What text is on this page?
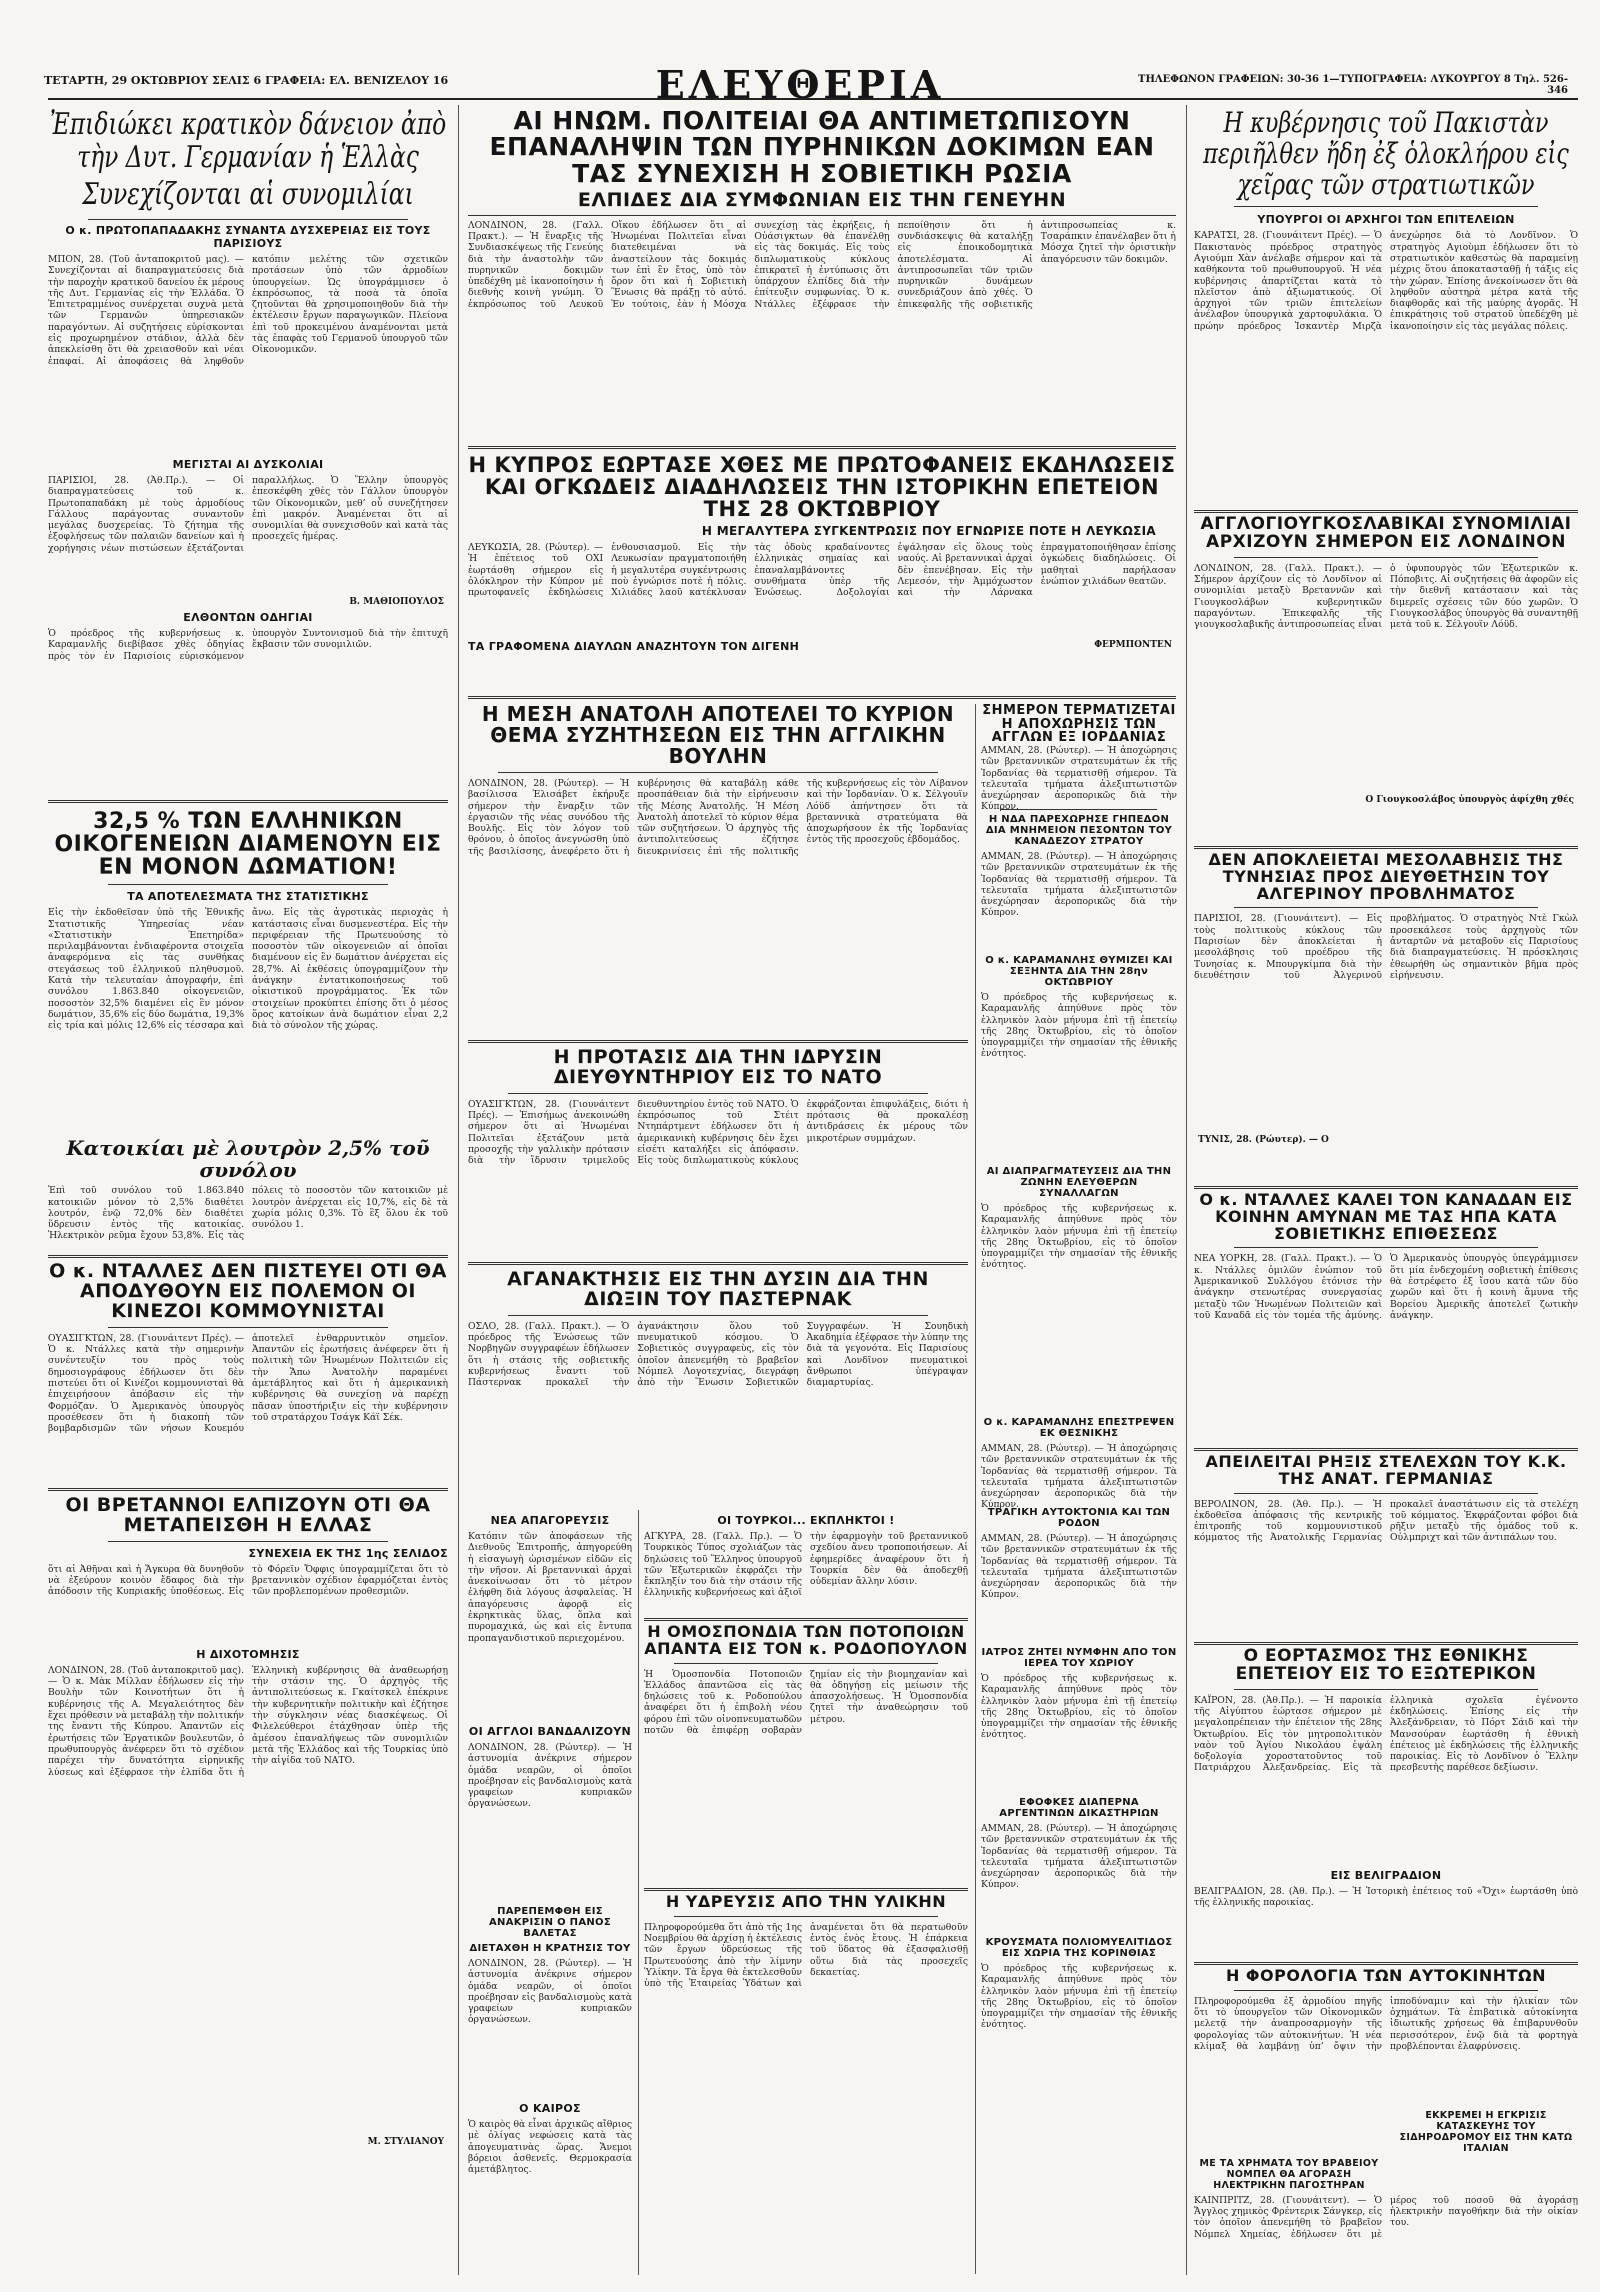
ΤΕΤΑΡΤΗ, 29 ΟΚΤΩΒΡΙΟΥ ΣΕΛΙΣ 6 ΓΡΑΦΕΙΑ: ΕΛ. ΒΕΝΙΖΕΛΟΥ 16	ΕΛΕΥΘΕΡΙΑ	ΤΗΛΕΦΩΝΟΝ ΓΡΑΦΕΙΩΝ: 30-36 1—ΤΥΠΟΓΡΑΦΕΙΑ: ΛΥΚΟΥΡΓΟΥ 8 Τηλ. 526-346

Ἐπιδιώκει κρατικὸν δάνειον ἀπὸ τὴν Δυτ. Γερμανίαν ἡ Ἑλλὰς

Συνεχίζονται αἱ συνομιλίαι

Ο κ. ΠΡΩΤΟΠΑΠΑΔΑΚΗΣ ΣΥΝΑΝΤΑ ΔΥΣΧΕΡΕΙΑΣ ΕΙΣ ΤΟΥΣ ΠΑΡΙΣΙΟΥΣ

ΜΠΟΝ, 28. (Τοῦ ἀνταποκριτοῦ μας). — Συνεχίζονται αἱ διαπραγματεύσεις διὰ τὴν παροχὴν κρατικοῦ δανείου ἐκ μέρους τῆς Δυτ. Γερμανίας εἰς τὴν Ἑλλάδα. Ὁ Ἐπιτετραμμένος συνέρχεται συχνὰ μετὰ τῶν Γερμανῶν ὑπηρεσιακῶν παραγόντων. Αἱ συζητήσεις εὑρίσκονται εἰς προχωρημένον στάδιον, ἀλλὰ δὲν ἀπεκλείσθη ὅτι θὰ χρειασθοῦν καὶ νέαι ἐπαφαί. Αἱ ἀποφάσεις θὰ ληφθοῦν κατόπιν μελέτης τῶν σχετικῶν προτάσεων ὑπὸ τῶν ἁρμοδίων ὑπουργείων. Ὡς ὑπογράμμισεν ὁ ἐκπρόσωπος, τὰ ποσὰ τὰ ὁποῖα ζητοῦνται θὰ χρησιμοποιηθοῦν διὰ τὴν ἐκτέλεσιν ἔργων παραγωγικῶν. Πλείονα ἐπὶ τοῦ προκειμένου ἀναμένονται μετὰ τὰς ἐπαφὰς τοῦ Γερμανοῦ ὑπουργοῦ τῶν Οἰκονομικῶν.

ΜΕΓΙΣΤΑΙ ΑΙ ΔΥΣΚΟΛΙΑΙ

ΠΑΡΙΣΙΟΙ, 28. (Ἀθ.Πρ.). — Οἱ διαπραγματεύσεις τοῦ κ. Πρωτοπαπαδάκη μὲ τοὺς ἁρμοδίους Γάλλους παράγοντας συναντοῦν μεγάλας δυσχερείας. Τὸ ζήτημα τῆς ἐξοφλήσεως τῶν παλαιῶν δανείων καὶ ἡ χορήγησις νέων πιστώσεων ἐξετάζονται παραλλήλως. Ὁ Ἕλλην ὑπουργὸς ἐπεσκέφθη χθὲς τὸν Γάλλον ὑπουργὸν τῶν Οἰκονομικῶν, μεθ’ οὗ συνεζήτησεν ἐπὶ μακρόν. Ἀναμένεται ὅτι αἱ συνομιλίαι θὰ συνεχισθοῦν καὶ κατὰ τὰς προσεχεῖς ἡμέρας.

Β. ΜΑΘΙΟΠΟΥΛΟΣ
ΕΛΘΟΝΤΩΝ ΟΔΗΓΙΑΙ

Ὁ πρόεδρος τῆς κυβερνήσεως κ. Καραμανλῆς διεβίβασε χθὲς ὁδηγίας πρὸς τὸν ἐν Παρισίοις εὑρισκόμενον ὑπουργὸν Συντονισμοῦ διὰ τὴν ἐπιτυχῆ ἔκβασιν τῶν συνομιλιῶν.

32,5 % ΤΩΝ ΕΛΛΗΝΙΚΩΝ ΟΙΚΟΓΕΝΕΙΩΝ ΔΙΑΜΕΝΟΥΝ ΕΙΣ ΕΝ ΜΟΝΟΝ ΔΩΜΑΤΙΟΝ!

ΤΑ ΑΠΟΤΕΛΕΣΜΑΤΑ ΤΗΣ ΣΤΑΤΙΣΤΙΚΗΣ

Εἰς τὴν ἐκδοθεῖσαν ὑπὸ τῆς Ἐθνικῆς Στατιστικῆς Ὑπηρεσίας νέαν «Στατιστικὴν Ἐπετηρίδα» περιλαμβάνονται ἐνδιαφέροντα στοιχεῖα ἀναφερόμενα εἰς τὰς συνθήκας στεγάσεως τοῦ ἑλληνικοῦ πληθυσμοῦ. Κατὰ τὴν τελευταίαν ἀπογραφήν, ἐπὶ συνόλου 1.863.840 οἰκογενειῶν, ποσοστὸν 32,5% διαμένει εἰς ἓν μόνον δωμάτιον, 35,6% εἰς δύο δωμάτια, 19,3% εἰς τρία καὶ μόλις 12,6% εἰς τέσσαρα καὶ ἄνω. Εἰς τὰς ἀγροτικὰς περιοχὰς ἡ κατάστασις εἶναι δυσμενεστέρα. Εἰς τὴν περιφέρειαν τῆς Πρωτευούσης τὸ ποσοστὸν τῶν οἰκογενειῶν αἱ ὁποῖαι διαμένουν εἰς ἓν δωμάτιον ἀνέρχεται εἰς 28,7%. Αἱ ἐκθέσεις ὑπογραμμίζουν τὴν ἀνάγκην ἐντατικοποιήσεως τοῦ οἰκιστικοῦ προγράμματος. Ἐκ τῶν στοιχείων προκύπτει ἐπίσης ὅτι ὁ μέσος ὅρος κατοίκων ἀνὰ δωμάτιον εἶναι 2,2 διὰ τὸ σύνολον τῆς χώρας.

Κατοικίαι μὲ λουτρὸν 2,5% τοῦ συνόλου

Ἐπὶ τοῦ συνόλου τοῦ 1.863.840 κατοικιῶν μόνον τὸ 2,5% διαθέτει λουτρόν, ἐνῷ 72,0% δὲν διαθέτει ὕδρευσιν ἐντὸς τῆς κατοικίας. Ἠλεκτρικὸν ρεῦμα ἔχουν 53,8%. Εἰς τὰς πόλεις τὸ ποσοστὸν τῶν κατοικιῶν μὲ λουτρὸν ἀνέρχεται εἰς 10,7%, εἰς δὲ τὰ χωρία μόλις 0,3%. Τὸ ἓξ ὅλου ἐκ τοῦ συνόλου 1.

Ο κ. ΝΤΑΛΛΕΣ ΔΕΝ ΠΙΣΤΕΥΕΙ ΟΤΙ ΘΑ ΑΠΟΔΥΘΟΥΝ ΕΙΣ ΠΟΛΕΜΟΝ ΟΙ ΚΙΝΕΖΟΙ ΚΟΜΜΟΥΝΙΣΤΑΙ

ΟΥΑΣΙΓΚΤΩΝ, 28. (Γιουνάιτεντ Πρές). — Ὁ κ. Ντάλλες κατὰ τὴν σημερινὴν συνέντευξίν του πρὸς τοὺς δημοσιογράφους ἐδήλωσεν ὅτι δὲν πιστεύει ὅτι οἱ Κινέζοι κομμουνισταὶ θὰ ἐπιχειρήσουν ἀπόβασιν εἰς τὴν Φορμόζαν. Ὁ Ἀμερικανὸς ὑπουργὸς προσέθεσεν ὅτι ἡ διακοπὴ τῶν βομβαρδισμῶν τῶν νήσων Κουεμόυ ἀποτελεῖ ἐνθαρρυντικὸν σημεῖον. Ἀπαντῶν εἰς ἐρωτήσεις ἀνέφερεν ὅτι ἡ πολιτικὴ τῶν Ἡνωμένων Πολιτειῶν εἰς τὴν Ἄπω Ἀνατολὴν παραμένει ἀμετάβλητος καὶ ὅτι ἡ ἀμερικανικὴ κυβέρνησις θὰ συνεχίσῃ νὰ παρέχῃ πᾶσαν ὑποστήριξιν εἰς τὴν κυβέρνησιν τοῦ στρατάρχου Τσάγκ Κάϊ Σέκ.

ΟΙ ΒΡΕΤΑΝΝΟΙ ΕΛΠΙΖΟΥΝ ΟΤΙ ΘΑ ΜΕΤΑΠΕΙΣΘΗ Η ΕΛΛΑΣ

ΣΥΝΕΧΕΙΑ ΕΚ ΤΗΣ 1ης ΣΕΛΙΔΟΣ

ὅτι αἱ Ἀθῆναι καὶ ἡ Ἄγκυρα θὰ δυνηθοῦν νὰ ἐξεύρουν κοινὸν ἔδαφος διὰ τὴν ἀπόδοσιν τῆς Κυπριακῆς ὑποθέσεως. Εἰς τὸ Φόρεϊν Ὄφφις ὑπογραμμίζεται ὅτι τὸ βρεταννικὸν σχέδιον ἐφαρμόζεται ἐντὸς τῶν προβλεπομένων προθεσμιῶν.

Η ΔΙΧΟΤΟΜΗΣΙΣ

ΛΟΝΔΙΝΟΝ, 28. (Τοῦ ἀνταποκριτοῦ μας). — Ὁ κ. Μὰκ Μίλλαν ἐδήλωσεν εἰς τὴν Βουλὴν τῶν Κοινοτήτων ὅτι ἡ κυβέρνησις τῆς Α. Μεγαλειότητος δὲν ἔχει πρόθεσιν νὰ μεταβάλῃ τὴν πολιτικήν της ἔναντι τῆς Κύπρου. Ἀπαντῶν εἰς ἐρωτήσεις τῶν Ἐργατικῶν βουλευτῶν, ὁ πρωθυπουργὸς ἀνέφερεν ὅτι τὸ σχέδιον παρέχει τὴν δυνατότητα εἰρηνικῆς λύσεως καὶ ἐξέφρασε τὴν ἐλπίδα ὅτι ἡ Ἑλληνικὴ κυβέρνησις θὰ ἀναθεωρήσῃ τὴν στάσιν της. Ὁ ἀρχηγὸς τῆς ἀντιπολιτεύσεως κ. Γκαίτσκελ ἐπέκρινε τὴν κυβερνητικὴν πολιτικὴν καὶ ἐζήτησε τὴν σύγκλησιν νέας διασκέψεως. Οἱ Φιλελεύθεροι ἐτάχθησαν ὑπὲρ τῆς ἀμέσου ἐπαναλήψεως τῶν συνομιλιῶν μετὰ τῆς Ἑλλάδος καὶ τῆς Τουρκίας ὑπὸ τὴν αἰγίδα τοῦ ΝΑΤΟ.

Μ. ΣΤΥΛΙΑΝΟΥ

ΑΙ ΗΝΩΜ. ΠΟΛΙΤΕΙΑΙ ΘΑ ΑΝΤΙΜΕΤΩΠΙΣΟΥΝ ΕΠΑΝΑΛΗΨΙΝ ΤΩΝ ΠΥΡΗΝΙΚΩΝ ΔΟΚΙΜΩΝ ΕΑΝ ΤΑΣ ΣΥΝΕΧΙΣΗ Η ΣΟΒΙΕΤΙΚΗ ΡΩΣΙΑ

ΕΛΠΙΔΕΣ ΔΙΑ ΣΥΜΦΩΝΙΑΝ ΕΙΣ ΤΗΝ ΓΕΝΕΥΗΝ

ΛΟΝΔΙΝΟΝ, 28. (Γαλλ. Πρακτ.). — Ἡ ἔναρξις τῆς Συνδιασκέψεως τῆς Γενεύης διὰ τὴν ἀναστολὴν τῶν πυρηνικῶν δοκιμῶν ὑπεδέχθη μὲ ἱκανοποίησιν ἡ διεθνὴς κοινὴ γνώμη. Ὁ ἐκπρόσωπος τοῦ Λευκοῦ Οἴκου ἐδήλωσεν ὅτι αἱ Ἡνωμέναι Πολιτεῖαι εἶναι διατεθειμέναι νὰ ἀναστείλουν τὰς δοκιμάς των ἐπὶ ἓν ἔτος, ὑπὸ τὸν ὅρον ὅτι καὶ ἡ Σοβιετικὴ Ἕνωσις θὰ πράξῃ τὸ αὐτό. Ἐν τούτοις, ἐὰν ἡ Μόσχα συνεχίσῃ τὰς ἐκρήξεις, ἡ Οὐάσιγκτων θὰ ἐπανέλθῃ εἰς τὰς δοκιμάς. Εἰς τοὺς διπλωματικοὺς κύκλους ἐπικρατεῖ ἡ ἐντύπωσις ὅτι ὑπάρχουν ἐλπίδες διὰ τὴν ἐπίτευξιν συμφωνίας. Ὁ κ. Ντάλλες ἐξέφρασε τὴν πεποίθησιν ὅτι ἡ συνδιάσκεψις θὰ καταλήξῃ εἰς ἐποικοδομητικὰ ἀποτελέσματα. Αἱ ἀντιπροσωπεῖαι τῶν τριῶν πυρηνικῶν δυνάμεων συνεδριάζουν ἀπὸ χθές. Ὁ ἐπικεφαλῆς τῆς σοβιετικῆς ἀντιπροσωπείας κ. Τσαράπκιν ἐπανέλαβεν ὅτι ἡ Μόσχα ζητεῖ τὴν ὁριστικὴν ἀπαγόρευσιν τῶν δοκιμῶν.

Η ΚΥΠΡΟΣ ΕΩΡΤΑΣΕ ΧΘΕΣ ΜΕ ΠΡΩΤΟΦΑΝΕΙΣ ΕΚΔΗΛΩΣΕΙΣ ΚΑΙ ΟΓΚΩΔΕΙΣ ΔΙΑΔΗΛΩΣΕΙΣ ΤΗΝ ΙΣΤΟΡΙΚΗΝ ΕΠΕΤΕΙΟΝ ΤΗΣ 28 ΟΚΤΩΒΡΙΟΥ

Η ΜΕΓΑΛΥΤΕΡΑ ΣΥΓΚΕΝΤΡΩΣΙΣ ΠΟΥ ΕΓΝΩΡΙΣΕ ΠΟΤΕ Η ΛΕΥΚΩΣΙΑ

ΛΕΥΚΩΣΙΑ, 28. (Ρώυτερ). — Ἡ ἐπέτειος τοῦ ΟΧΙ ἑωρτάσθη σήμερον εἰς ὁλόκληρον τὴν Κύπρον μὲ πρωτοφανεῖς ἐκδηλώσεις ἐνθουσιασμοῦ. Εἰς τὴν Λευκωσίαν πραγματοποιήθη ἡ μεγαλυτέρα συγκέντρωσις ποὺ ἐγνώρισε ποτὲ ἡ πόλις. Χιλιάδες λαοῦ κατέκλυσαν τὰς ὁδοὺς κραδαίνοντες ἑλληνικὰς σημαίας καὶ ἐπαναλαμβάνοντες συνθήματα ὑπὲρ τῆς Ἑνώσεως. Δοξολογίαι ἐψάλησαν εἰς ὅλους τοὺς ναούς. Αἱ βρεταννικαὶ ἀρχαὶ δὲν ἐπενέβησαν. Εἰς τὴν Λεμεσόν, τὴν Ἀμμόχωστον καὶ τὴν Λάρνακα ἐπραγματοποιήθησαν ἐπίσης ὀγκώδεις διαδηλώσεις. Οἱ μαθηταὶ παρήλασαν ἐνώπιον χιλιάδων θεατῶν.

ΤΑ ΓΡΑΦΟΜΕΝΑ ΔΙΑΥΛΩΝ ΑΝΑΖΗΤΟΥΝ ΤΟΝ ΔΙΓΕΝΗ	ΦΕΡΜΠΟΝΤΕΝ

Η ΜΕΣΗ ΑΝΑΤΟΛΗ ΑΠΟΤΕΛΕΙ ΤΟ ΚΥΡΙΟΝ ΘΕΜΑ ΣΥΖΗΤΗΣΕΩΝ ΕΙΣ ΤΗΝ ΑΓΓΛΙΚΗΝ ΒΟΥΛΗΝ

ΛΟΝΔΙΝΟΝ, 28. (Ρώυτερ). — Ἡ βασίλισσα Ἐλισάβετ ἐκήρυξε σήμερον τὴν ἔναρξιν τῶν ἐργασιῶν τῆς νέας συνόδου τῆς Βουλῆς. Εἰς τὸν λόγον τοῦ θρόνου, ὁ ὁποῖος ἀνεγνώσθη ὑπὸ τῆς βασιλίσσης, ἀνεφέρετο ὅτι ἡ κυβέρνησις θὰ καταβάλῃ κάθε προσπάθειαν διὰ τὴν εἰρήνευσιν τῆς Μέσης Ἀνατολῆς. Ἡ Μέση Ἀνατολὴ ἀποτελεῖ τὸ κύριον θέμα τῶν συζητήσεων. Ὁ ἀρχηγὸς τῆς ἀντιπολιτεύσεως ἐζήτησε διευκρινίσεις ἐπὶ τῆς πολιτικῆς τῆς κυβερνήσεως εἰς τὸν Λίβανον καὶ τὴν Ἰορδανίαν. Ὁ κ. Σέλγουϊν Λόϋδ ἀπήντησεν ὅτι τὰ βρεταννικὰ στρατεύματα θὰ ἀποχωρήσουν ἐκ τῆς Ἰορδανίας ἐντὸς τῆς προσεχοῦς ἑβδομάδος.

ΣΗΜΕΡΟΝ ΤΕΡΜΑΤΙΖΕΤΑΙ Η ΑΠΟΧΩΡΗΣΙΣ ΤΩΝ ΑΓΓΛΩΝ ΕΞ ΙΟΡΔΑΝΙΑΣ

ΑΜΜΑΝ, 28. (Ρώυτερ). — Ἡ ἀποχώρησις τῶν βρεταννικῶν στρατευμάτων ἐκ τῆς Ἰορδανίας θὰ τερματισθῇ σήμερον. Τὰ τελευταῖα τμήματα ἀλεξιπτωτιστῶν ἀνεχώρησαν ἀεροπορικῶς διὰ τὴν Κύπρον.

Η ΝΔΑ ΠΑΡΕΧΩΡΗΣΕ ΓΗΠΕΔΟΝ ΔΙΑ ΜΝΗΜΕΙΟΝ ΠΕΣΟΝΤΩΝ ΤΟΥ ΚΑΝΑΔΕΖΟΥ ΣΤΡΑΤΟΥ

ΑΜΜΑΝ, 28. (Ρώυτερ). — Ἡ ἀποχώρησις τῶν βρεταννικῶν στρατευμάτων ἐκ τῆς Ἰορδανίας θὰ τερματισθῇ σήμερον. Τὰ τελευταῖα τμήματα ἀλεξιπτωτιστῶν ἀνεχώρησαν ἀεροπορικῶς διὰ τὴν Κύπρον.

Ο κ. ΚΑΡΑΜΑΝΛΗΣ ΘΥΜΙΖΕΙ ΚΑΙ ΣΕΞΗΝΤΑ ΔΙΑ ΤΗΝ 28ην ΟΚΤΩΒΡΙΟΥ

Ὁ πρόεδρος τῆς κυβερνήσεως κ. Καραμανλῆς ἀπηύθυνε πρὸς τὸν ἑλληνικὸν λαὸν μήνυμα ἐπὶ τῇ ἐπετείῳ τῆς 28ης Ὀκτωβρίου, εἰς τὸ ὁποῖον ὑπογραμμίζει τὴν σημασίαν τῆς ἐθνικῆς ἑνότητος.

ΑΙ ΔΙΑΠΡΑΓΜΑΤΕΥΣΕΙΣ ΔΙΑ ΤΗΝ ΖΩΝΗΝ ΕΛΕΥΘΕΡΩΝ ΣΥΝΑΛΛΑΓΩΝ

Ὁ πρόεδρος τῆς κυβερνήσεως κ. Καραμανλῆς ἀπηύθυνε πρὸς τὸν ἑλληνικὸν λαὸν μήνυμα ἐπὶ τῇ ἐπετείῳ τῆς 28ης Ὀκτωβρίου, εἰς τὸ ὁποῖον ὑπογραμμίζει τὴν σημασίαν τῆς ἐθνικῆς ἑνότητος.

Ο κ. ΚΑΡΑΜΑΝΛΗΣ ΕΠΕΣΤΡΕΨΕΝ ΕΚ ΘΕΣΝΙΚΗΣ

ΑΜΜΑΝ, 28. (Ρώυτερ). — Ἡ ἀποχώρησις τῶν βρεταννικῶν στρατευμάτων ἐκ τῆς Ἰορδανίας θὰ τερματισθῇ σήμερον. Τὰ τελευταῖα τμήματα ἀλεξιπτωτιστῶν ἀνεχώρησαν ἀεροπορικῶς διὰ τὴν Κύπρον.

ΤΡΑΓΙΚΗ ΑΥΤΟΚΤΟΝΙΑ ΚΑΙ ΤΩΝ ΡΟΔΟΝ

ΑΜΜΑΝ, 28. (Ρώυτερ). — Ἡ ἀποχώρησις τῶν βρεταννικῶν στρατευμάτων ἐκ τῆς Ἰορδανίας θὰ τερματισθῇ σήμερον. Τὰ τελευταῖα τμήματα ἀλεξιπτωτιστῶν ἀνεχώρησαν ἀεροπορικῶς διὰ τὴν Κύπρον.

ΙΑΤΡΟΣ ΖΗΤΕΙ ΝΥΜΦΗΝ ΑΠΟ ΤΟΝ ΙΕΡΕΑ ΤΟΥ ΧΩΡΙΟΥ

Ὁ πρόεδρος τῆς κυβερνήσεως κ. Καραμανλῆς ἀπηύθυνε πρὸς τὸν ἑλληνικὸν λαὸν μήνυμα ἐπὶ τῇ ἐπετείῳ τῆς 28ης Ὀκτωβρίου, εἰς τὸ ὁποῖον ὑπογραμμίζει τὴν σημασίαν τῆς ἐθνικῆς ἑνότητος.

ΕΦΟΦΚΕΣ ΔΙΑΠΕΡΝΑ ΑΡΓΕΝΤΙΝΩΝ ΔΙΚΑΣΤΗΡΙΩΝ

ΑΜΜΑΝ, 28. (Ρώυτερ). — Ἡ ἀποχώρησις τῶν βρεταννικῶν στρατευμάτων ἐκ τῆς Ἰορδανίας θὰ τερματισθῇ σήμερον. Τὰ τελευταῖα τμήματα ἀλεξιπτωτιστῶν ἀνεχώρησαν ἀεροπορικῶς διὰ τὴν Κύπρον.

ΚΡΟΥΣΜΑΤΑ ΠΟΛΙΟΜΥΕΛΙΤΙΔΟΣ ΕΙΣ ΧΩΡΙΑ ΤΗΣ ΚΟΡΙΝΘΙΑΣ

Ὁ πρόεδρος τῆς κυβερνήσεως κ. Καραμανλῆς ἀπηύθυνε πρὸς τὸν ἑλληνικὸν λαὸν μήνυμα ἐπὶ τῇ ἐπετείῳ τῆς 28ης Ὀκτωβρίου, εἰς τὸ ὁποῖον ὑπογραμμίζει τὴν σημασίαν τῆς ἐθνικῆς ἑνότητος.

Η ΠΡΟΤΑΣΙΣ ΔΙΑ ΤΗΝ ΙΔΡΥΣΙΝ ΔΙΕΥΘΥΝΤΗΡΙΟΥ ΕΙΣ ΤΟ ΝΑΤΟ

ΟΥΑΣΙΓΚΤΩΝ, 28. (Γιουνάιτεντ Πρές). — Ἐπισήμως ἀνεκοινώθη σήμερον ὅτι αἱ Ἡνωμέναι Πολιτεῖαι ἐξετάζουν μετὰ προσοχῆς τὴν γαλλικὴν πρότασιν διὰ τὴν ἵδρυσιν τριμελοῦς διευθυντηρίου ἐντὸς τοῦ ΝΑΤΟ. Ὁ ἐκπρόσωπος τοῦ Στέιτ Ντηπάρτμεντ ἐδήλωσεν ὅτι ἡ ἀμερικανικὴ κυβέρνησις δὲν ἔχει εἰσέτι καταλήξει εἰς ἀπόφασιν. Εἰς τοὺς διπλωματικοὺς κύκλους ἐκφράζονται ἐπιφυλάξεις, διότι ἡ πρότασις θὰ προκαλέσῃ ἀντιδράσεις ἐκ μέρους τῶν μικροτέρων συμμάχων.

ΑΓΑΝΑΚΤΗΣΙΣ ΕΙΣ ΤΗΝ ΔΥΣΙΝ ΔΙΑ ΤΗΝ ΔΙΩΞΙΝ ΤΟΥ ΠΑΣΤΕΡΝΑΚ

ΟΣΛΟ, 28. (Γαλλ. Πρακτ.). — Ὁ πρόεδρος τῆς Ἑνώσεως τῶν Νορβηγῶν συγγραφέων ἐδήλωσεν ὅτι ἡ στάσις τῆς σοβιετικῆς κυβερνήσεως ἔναντι τοῦ Πάστερνακ προκαλεῖ τὴν ἀγανάκτησιν ὅλου τοῦ πνευματικοῦ κόσμου. Ὁ Σοβιετικὸς συγγραφεὺς, εἰς τὸν ὁποῖον ἀπενεμήθη τὸ βραβεῖον Νόμπελ Λογοτεχνίας, διεγράφη ἀπὸ τὴν Ἕνωσιν Σοβιετικῶν Συγγραφέων. Ἡ Σουηδικὴ Ἀκαδημία ἐξέφρασε τὴν λύπην της διὰ τὰ γεγονότα. Εἰς Παρισίους καὶ Λονδῖνον πνευματικοὶ ἄνθρωποι ὑπέγραψαν διαμαρτυρίας.

ΝΕΑ ΑΠΑΓΟΡΕΥΣΙΣ

Κατόπιν τῶν ἀποφάσεων τῆς Διεθνοῦς Ἐπιτροπῆς, ἀπηγορεύθη ἡ εἰσαγωγὴ ὡρισμένων εἰδῶν εἰς τὴν νῆσον. Αἱ βρεταννικαὶ ἀρχαὶ ἀνεκοίνωσαν ὅτι τὸ μέτρον ἐλήφθη διὰ λόγους ἀσφαλείας. Ἡ ἀπαγόρευσις ἀφορᾷ εἰς ἐκρηκτικὰς ὕλας, ὅπλα καὶ πυρομαχικά, ὡς καὶ εἰς ἔντυπα προπαγανδιστικοῦ περιεχομένου.

ΟΙ ΑΓΓΛΟΙ ΒΑΝΔΑΛΙΖΟΥΝ

ΛΟΝΔΙΝΟΝ, 28. (Ρώυτερ). — Ἡ ἀστυνομία ἀνέκρινε σήμερον ὁμάδα νεαρῶν, οἱ ὁποῖοι προέβησαν εἰς βανδαλισμοὺς κατὰ γραφείων κυπριακῶν ὀργανώσεων.

ΠΑΡΕΠΕΜΦΘΗ ΕΙΣ ΑΝΑΚΡΙΣΙΝ Ο ΠΑΝΟΣ ΒΑΛΕΤΑΣ
ΔΙΕΤΑΧΘΗ Η ΚΡΑΤΗΣΙΣ ΤΟΥ

ΛΟΝΔΙΝΟΝ, 28. (Ρώυτερ). — Ἡ ἀστυνομία ἀνέκρινε σήμερον ὁμάδα νεαρῶν, οἱ ὁποῖοι προέβησαν εἰς βανδαλισμοὺς κατὰ γραφείων κυπριακῶν ὀργανώσεων.

Ο ΚΑΙΡΟΣ

Ὁ καιρὸς θὰ εἶναι ἀρχικῶς αἴθριος μὲ ὀλίγας νεφώσεις κατὰ τὰς ἀπογευματινὰς ὥρας. Ἄνεμοι βόρειοι ἀσθενεῖς. Θερμοκρασία ἀμετάβλητος.

ΟΙ ΤΟΥΡΚΟΙ... ΕΚΠΛΗΚΤΟΙ !

ΑΓΚΥΡΑ, 28. (Γαλλ. Πρ.). — Ὁ Τουρκικὸς Τύπος σχολιάζων τὰς δηλώσεις τοῦ Ἕλληνος ὑπουργοῦ τῶν Ἐξωτερικῶν ἐκφράζει τὴν ἔκπληξίν του διὰ τὴν στάσιν τῆς ἑλληνικῆς κυβερνήσεως καὶ ἀξιοῖ τὴν ἐφαρμογὴν τοῦ βρεταννικοῦ σχεδίου ἄνευ τροποποιήσεων. Αἱ ἐφημερίδες ἀναφέρουν ὅτι ἡ Τουρκία δὲν θὰ ἀποδεχθῇ οὐδεμίαν ἄλλην λύσιν.

Η ΟΜΟΣΠΟΝΔΙΑ ΤΩΝ ΠΟΤΟΠΟΙΩΝ ΑΠΑΝΤΑ ΕΙΣ ΤΟΝ κ. ΡΟΔΟΠΟΥΛΟΝ

Ἡ Ὁμοσπονδία Ποτοποιῶν Ἑλλάδος ἀπαντῶσα εἰς τὰς δηλώσεις τοῦ κ. Ροδοπούλου ἀναφέρει ὅτι ἡ ἐπιβολὴ νέου φόρου ἐπὶ τῶν οἰνοπνευματωδῶν ποτῶν θὰ ἐπιφέρῃ σοβαρὰν ζημίαν εἰς τὴν βιομηχανίαν καὶ θὰ ὁδηγήσῃ εἰς μείωσιν τῆς ἀπασχολήσεως. Ἡ Ὁμοσπονδία ζητεῖ τὴν ἀναθεώρησιν τοῦ μέτρου.

Η ΥΔΡΕΥΣΙΣ ΑΠΟ ΤΗΝ ΥΛΙΚΗΝ

Πληροφορούμεθα ὅτι ἀπὸ τῆς 1ης Νοεμβρίου θὰ ἀρχίσῃ ἡ ἐκτέλεσις τῶν ἔργων ὑδρεύσεως τῆς Πρωτευούσης ἀπὸ τὴν λίμνην Ὑλίκην. Τὰ ἔργα θὰ ἐκτελεσθοῦν ὑπὸ τῆς Ἑταιρείας Ὑδάτων καὶ ἀναμένεται ὅτι θὰ περατωθοῦν ἐντὸς ἑνὸς ἔτους. Ἡ ἐπάρκεια τοῦ ὕδατος θὰ ἐξασφαλισθῇ οὕτω διὰ τὰς προσεχεῖς δεκαετίας.

Η κυβέρνησις τοῦ Πακιστὰν περιῆλθεν ἤδη ἐξ ὁλοκλήρου εἰς χεῖρας τῶν στρατιωτικῶν

ΥΠΟΥΡΓΟΙ ΟΙ ΑΡΧΗΓΟΙ ΤΩΝ ΕΠΙΤΕΛΕΙΩΝ

ΚΑΡΑΤΣΙ, 28. (Γιουνάιτεντ Πρές). — Ὁ Πακιστανὸς πρόεδρος στρατηγὸς Αγιούμπ Χὰν ἀνέλαβε σήμερον καὶ τὰ καθήκοντα τοῦ πρωθυπουργοῦ. Ἡ νέα κυβέρνησις ἀπαρτίζεται κατὰ τὸ πλεῖστον ἀπὸ ἀξιωματικούς. Οἱ ἀρχηγοὶ τῶν τριῶν ἐπιτελείων ἀνέλαβον ὑπουργικὰ χαρτοφυλάκια. Ὁ πρώην πρόεδρος Ἰσκαντὲρ Μιρζὰ ἀνεχώρησε διὰ τὸ Λονδῖνον. Ὁ στρατηγὸς Αγιοὺμπ ἐδήλωσεν ὅτι τὸ στρατιωτικὸν καθεστὼς θὰ παραμείνῃ μέχρις ὅτου ἀποκατασταθῇ ἡ τάξις εἰς τὴν χώραν. Ἐπίσης ἀνεκοίνωσεν ὅτι θὰ ληφθοῦν αὐστηρὰ μέτρα κατὰ τῆς διαφθορᾶς καὶ τῆς μαύρης ἀγορᾶς. Ἡ ἐπικράτησις τοῦ στρατοῦ ὑπεδέχθη μὲ ἱκανοποίησιν εἰς τὰς μεγάλας πόλεις.

ΑΓΓΛΟΓΙΟΥΓΚΟΣΛΑΒΙΚΑΙ ΣΥΝΟΜΙΛΙΑΙ ΑΡΧΙΖΟΥΝ ΣΗΜΕΡΟΝ ΕΙΣ ΛΟΝΔΙΝΟΝ

ΛΟΝΔΙΝΟΝ, 28. (Γαλλ. Πρακτ.). — Σήμερον ἀρχίζουν εἰς τὸ Λονδῖνον αἱ συνομιλίαι μεταξὺ Βρεταννῶν καὶ Γιουγκοσλάβων κυβερνητικῶν παραγόντων. Ἐπικεφαλῆς τῆς γιουγκοσλαβικῆς ἀντιπροσωπείας εἶναι ὁ ὑφυπουργὸς τῶν Ἐξωτερικῶν κ. Πόποβιτς. Αἱ συζητήσεις θὰ ἀφορῶν εἰς τὴν διεθνῆ κατάστασιν καὶ τὰς διμερεῖς σχέσεις τῶν δύο χωρῶν. Ὁ Γιουγκοσλάβος ὑπουργὸς θὰ συναντηθῇ μετὰ τοῦ κ. Σέλγουϊν Λόϋδ.

Ο Γιουγκοσλάβος ὑπουργὸς ἀφίχθη χθές

ΔΕΝ ΑΠΟΚΛΕΙΕΤΑΙ ΜΕΣΟΛΑΒΗΣΙΣ ΤΗΣ ΤΥΝΗΣΙΑΣ ΠΡΟΣ ΔΙΕΥΘΕΤΗΣΙΝ ΤΟΥ ΑΛΓΕΡΙΝΟΥ ΠΡΟΒΛΗΜΑΤΟΣ

ΠΑΡΙΣΙΟΙ, 28. (Γιουνάιτεντ). — Εἰς τοὺς πολιτικοὺς κύκλους τῶν Παρισίων δὲν ἀποκλείεται ἡ μεσολάβησις τοῦ προέδρου τῆς Τυνησίας κ. Μπουργκίμπα διὰ τὴν διευθέτησιν τοῦ Ἀλγερινοῦ προβλήματος. Ὁ στρατηγὸς Ντὲ Γκὼλ προσεκάλεσε τοὺς ἀρχηγοὺς τῶν ἀνταρτῶν νὰ μεταβοῦν εἰς Παρισίους διὰ διαπραγματεύσεις. Ἡ πρόσκλησις ἐθεωρήθη ὡς σημαντικὸν βῆμα πρὸς εἰρήνευσιν.

ΤΥΝΙΣ, 28. (Ρώυτερ). — Ο

Ο κ. ΝΤΑΛΛΕΣ ΚΑΛΕΙ ΤΟΝ ΚΑΝΑΔΑΝ ΕΙΣ ΚΟΙΝΗΝ ΑΜΥΝΑΝ ΜΕ ΤΑΣ ΗΠΑ ΚΑΤΑ ΣΟΒΙΕΤΙΚΗΣ ΕΠΙΘΕΣΕΩΣ

ΝΕΑ ΥΟΡΚΗ, 28. (Γαλλ. Πρακτ.). — Ὁ κ. Ντάλλες ὁμιλῶν ἐνώπιον τοῦ Ἀμερικανικοῦ Συλλόγου ἐτόνισε τὴν ἀνάγκην στενωτέρας συνεργασίας μεταξὺ τῶν Ἡνωμένων Πολιτειῶν καὶ τοῦ Καναδᾶ εἰς τὸν τομέα τῆς ἀμύνης. Ὁ Ἀμερικανὸς ὑπουργὸς ὑπεγράμμισεν ὅτι μία ἐνδεχομένη σοβιετικὴ ἐπίθεσις θὰ ἐστρέφετο ἐξ ἴσου κατὰ τῶν δύο χωρῶν καὶ ὅτι ἡ κοινὴ ἄμυνα τῆς Βορείου Ἀμερικῆς ἀποτελεῖ ζωτικὴν ἀνάγκην.

ΑΠΕΙΛΕΙΤΑΙ ΡΗΞΙΣ ΣΤΕΛΕΧΩΝ ΤΟΥ Κ.Κ. ΤΗΣ ΑΝΑΤ. ΓΕΡΜΑΝΙΑΣ

ΒΕΡΟΛΙΝΟΝ, 28. (Ἀθ. Πρ.). — Ἡ ἐκδοθεῖσα ἀπόφασις τῆς κεντρικῆς ἐπιτροπῆς τοῦ κομμουνιστικοῦ κόμματος τῆς Ἀνατολικῆς Γερμανίας προκαλεῖ ἀναστάτωσιν εἰς τὰ στελέχη τοῦ κόμματος. Ἐκφράζονται φόβοι διὰ ρῆξιν μεταξὺ τῆς ὁμάδος τοῦ κ. Οὐλμπριχτ καὶ τῶν ἀντιπάλων του.

Ο ΕΟΡΤΑΣΜΟΣ ΤΗΣ ΕΘΝΙΚΗΣ ΕΠΕΤΕΙΟΥ ΕΙΣ ΤΟ ΕΞΩΤΕΡΙΚΟΝ

ΚΑΪΡΟΝ, 28. (Ἀθ.Πρ.). — Ἡ παροικία τῆς Αἰγύπτου ἑώρτασε σήμερον μὲ μεγαλοπρέπειαν τὴν ἐπέτειον τῆς 28ης Ὀκτωβρίου. Εἰς τὸν μητροπολιτικὸν ναὸν τοῦ Ἁγίου Νικολάου ἐψάλη δοξολογία χοροστατοῦντος τοῦ Πατριάρχου Ἀλεξανδρείας. Εἰς τὰ ἑλληνικὰ σχολεῖα ἐγένοντο ἐκδηλώσεις. Ἐπίσης εἰς τὴν Ἀλεξάνδρειαν, τὸ Πόρτ Σάιδ καὶ τὴν Μανσούραν ἑωρτάσθη ἡ ἐθνικὴ ἐπέτειος μὲ ἐκδηλώσεις τῆς ἑλληνικῆς παροικίας. Εἰς τὸ Λονδῖνον ὁ Ἕλλην πρεσβευτὴς παρέθεσε δεξίωσιν.

ΕΙΣ ΒΕΛΙΓΡΑΔΙΟΝ

ΒΕΛΙΓΡΑΔΙΟΝ, 28. (Ἀθ. Πρ.). — Ἡ Ἱστορικὴ ἐπέτειος τοῦ «Ὄχι» ἑωρτάσθη ὑπὸ τῆς ἑλληνικῆς παροικίας.

Η ΦΟΡΟΛΟΓΙΑ ΤΩΝ ΑΥΤΟΚΙΝΗΤΩΝ

Πληροφορούμεθα ἐξ ἁρμοδίου πηγῆς ὅτι τὸ ὑπουργεῖον τῶν Οἰκονομικῶν μελετᾷ τὴν ἀναπροσαρμογὴν τῆς φορολογίας τῶν αὐτοκινήτων. Ἡ νέα κλίμαξ θὰ λαμβάνῃ ὑπ’ ὄψιν τὴν ἱπποδύναμιν καὶ τὴν ἡλικίαν τῶν ὀχημάτων. Τὰ ἐπιβατικὰ αὐτοκίνητα ἰδιωτικῆς χρήσεως θὰ ἐπιβαρυνθοῦν περισσότερον, ἐνῷ διὰ τὰ φορτηγὰ προβλέπονται ἐλαφρύνσεις.

ΕΚΚΡΕΜΕΙ Η ΕΓΚΡΙΣΙΣ ΚΑΤΑΣΚΕΥΗΣ ΤΟΥ ΣΙΔΗΡΟΔΡΟΜΟΥ ΕΙΣ ΤΗΝ ΚΑΤΩ ΙΤΑΛΙΑΝ
ΜΕ ΤΑ ΧΡΗΜΑΤΑ ΤΟΥ ΒΡΑΒΕΙΟΥ ΝΟΜΠΕΛ ΘΑ ΑΓΟΡΑΣΗ ΗΛΕΚΤΡΙΚΗΝ ΠΑΓΟΣΤΗΡΑΝ

ΚΑΙΝΠΡΙΤΖ, 28. (Γιουνάιτεντ). — Ὁ Ἄγγλος χημικὸς Φρέντερικ Σάνγκερ, εἰς τὸν ὁποῖον ἀπενεμήθη τὸ βραβεῖον Νόμπελ Χημείας, ἐδήλωσεν ὅτι μὲ μέρος τοῦ ποσοῦ θὰ ἀγοράσῃ ἠλεκτρικὴν παγοθήκην διὰ τὴν οἰκίαν του.
